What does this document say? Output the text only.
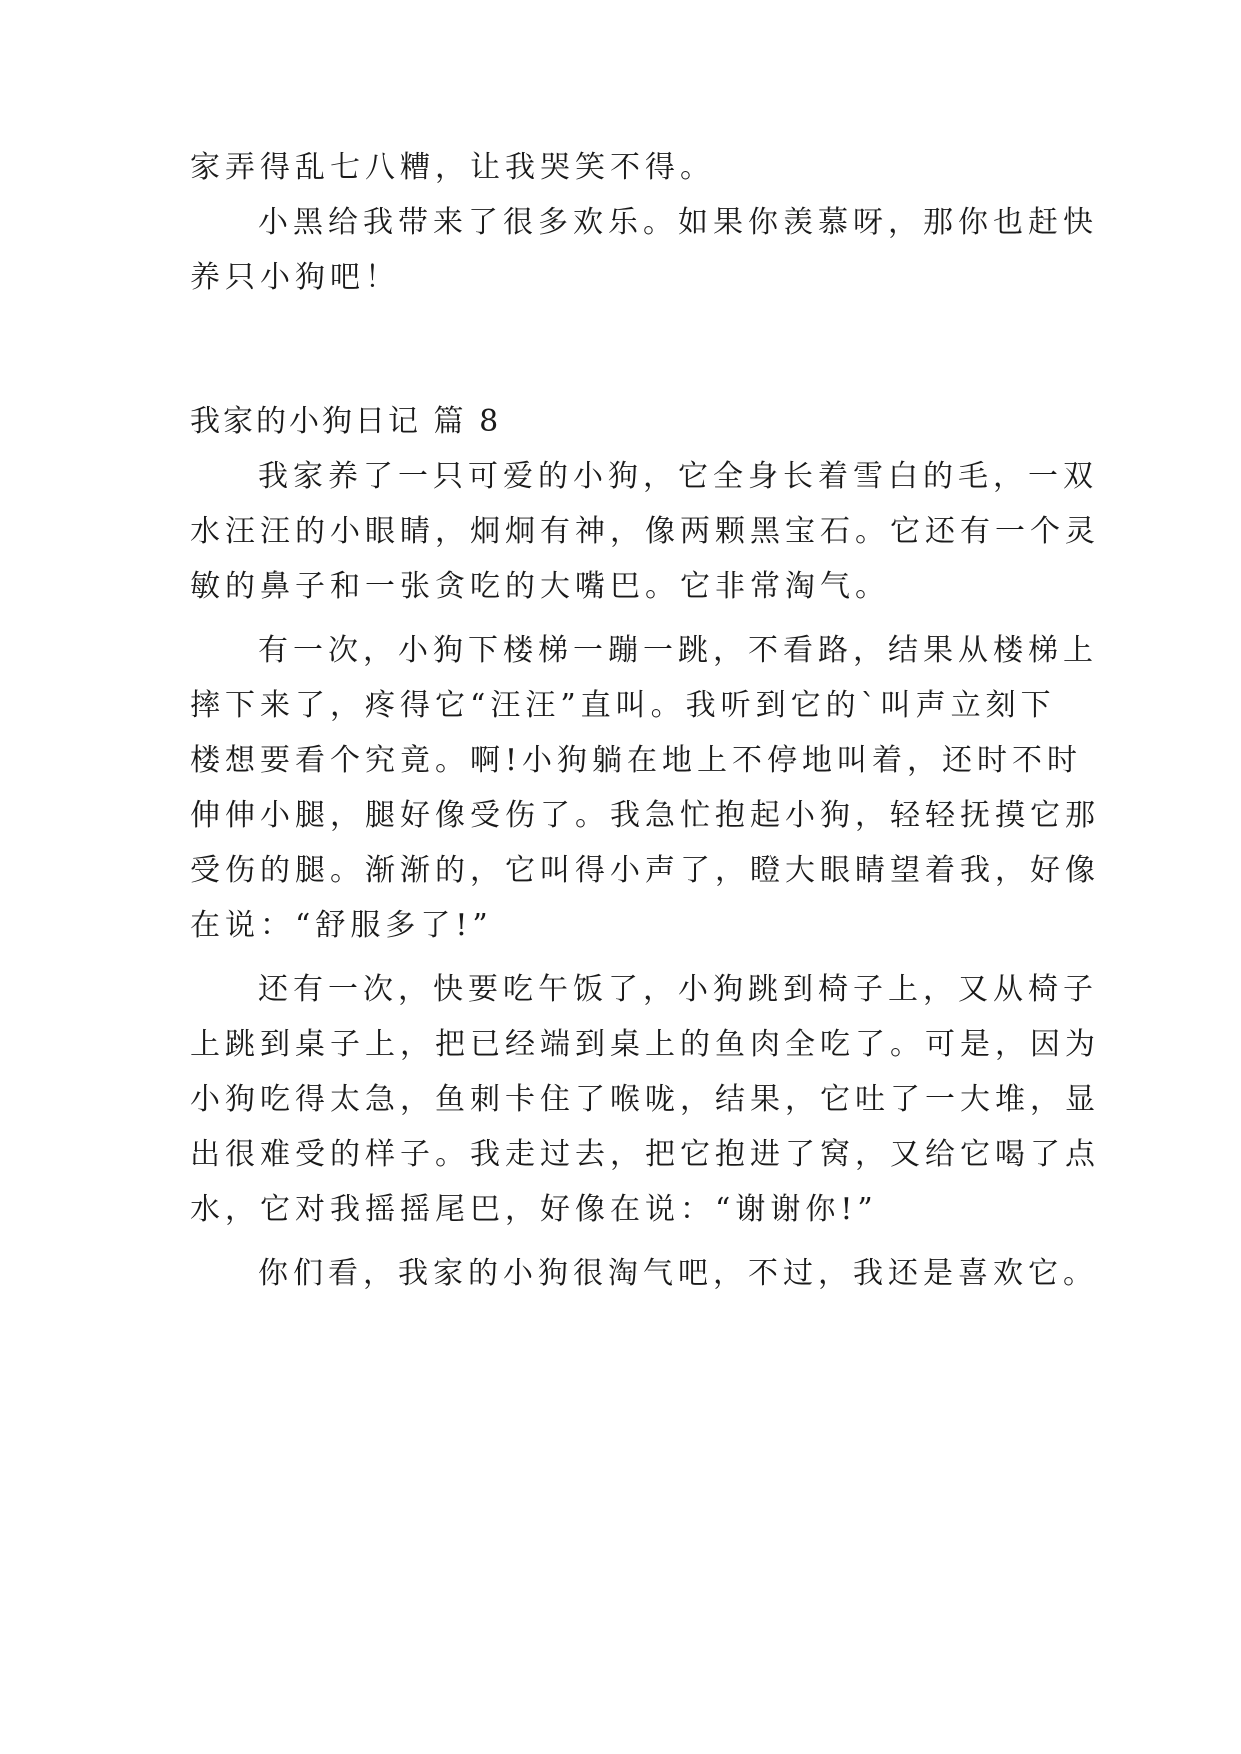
家弄得乱七八糟，让我哭笑不得。
小黑给我带来了很多欢乐。如果你羡慕呀，那你也赶快
养只小狗吧！
我家的小狗日记 篇 8
我家养了一只可爱的小狗，它全身长着雪白的毛，一双
水汪汪的小眼睛，炯炯有神，像两颗黑宝石。它还有一个灵
敏的鼻子和一张贪吃的大嘴巴。它非常淘气。
有一次，小狗下楼梯一蹦一跳，不看路，结果从楼梯上
摔下来了，疼得它“汪汪”直叫。我听到它的`叫声立刻下
楼想要看个究竟。啊!小狗躺在地上不停地叫着，还时不时
伸伸小腿，腿好像受伤了。我急忙抱起小狗，轻轻抚摸它那
受伤的腿。渐渐的，它叫得小声了，瞪大眼睛望着我，好像
在说：“舒服多了!”
还有一次，快要吃午饭了，小狗跳到椅子上，又从椅子
上跳到桌子上，把已经端到桌上的鱼肉全吃了。可是，因为
小狗吃得太急，鱼刺卡住了喉咙，结果，它吐了一大堆，显
出很难受的样子。我走过去，把它抱进了窝，又给它喝了点
水，它对我摇摇尾巴，好像在说：“谢谢你!”
你们看，我家的小狗很淘气吧，不过，我还是喜欢它。
